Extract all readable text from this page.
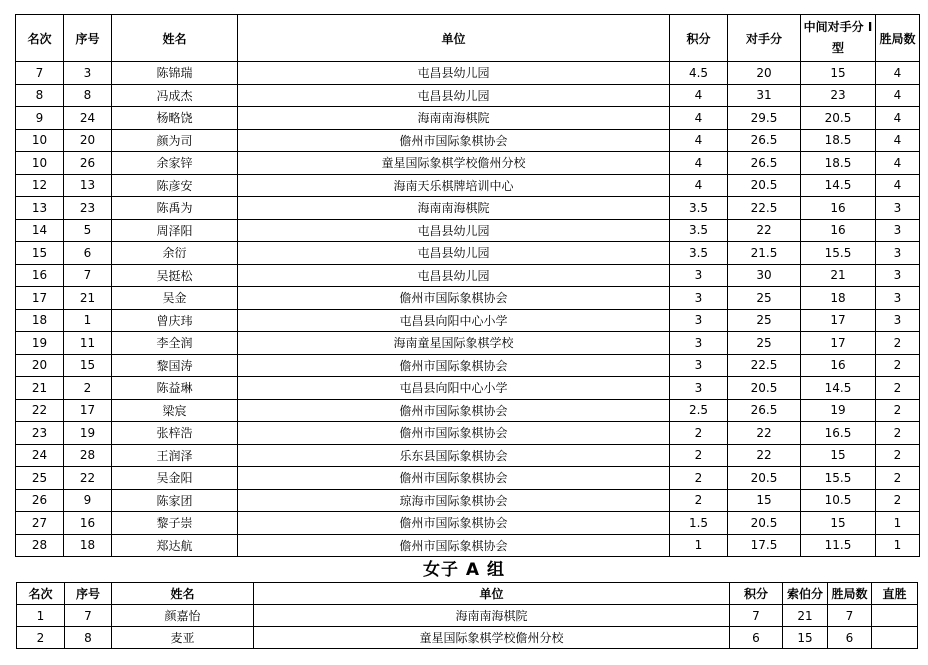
名次	序号	姓名	单位	积分	对手分	中间对手分 I 型	胜局数
7	3	陈锦瑞	屯昌县幼儿园	4.5	20	15	4
8	8	冯成杰	屯昌县幼儿园	4	31	23	4
9	24	杨略饶	海南南海棋院	4	29.5	20.5	4
10	20	颜为司	儋州市国际象棋协会	4	26.5	18.5	4
10	26	余家锌	童星国际象棋学校儋州分校	4	26.5	18.5	4
12	13	陈彦安	海南天乐棋牌培训中心	4	20.5	14.5	4
13	23	陈禹为	海南南海棋院	3.5	22.5	16	3
14	5	周泽阳	屯昌县幼儿园	3.5	22	16	3
15	6	余衍	屯昌县幼儿园	3.5	21.5	15.5	3
16	7	吴挺松	屯昌县幼儿园	3	30	21	3
17	21	吴金	儋州市国际象棋协会	3	25	18	3
18	1	曾庆玮	屯昌县向阳中心小学	3	25	17	3
19	11	李全润	海南童星国际象棋学校	3	25	17	2
20	15	黎国涛	儋州市国际象棋协会	3	22.5	16	2
21	2	陈益琳	屯昌县向阳中心小学	3	20.5	14.5	2
22	17	梁宸	儋州市国际象棋协会	2.5	26.5	19	2
23	19	张梓浩	儋州市国际象棋协会	2	22	16.5	2
24	28	王润泽	乐东县国际象棋协会	2	22	15	2
25	22	吴金阳	儋州市国际象棋协会	2	20.5	15.5	2
26	9	陈家团	琼海市国际象棋协会	2	15	10.5	2
27	16	黎子崇	儋州市国际象棋协会	1.5	20.5	15	1
28	18	郑达航	儋州市国际象棋协会	1	17.5	11.5	1
女子 A 组
名次	序号	姓名	单位	积分	索伯分	胜局数	直胜
1	7	颜嘉怡	海南南海棋院	7	21	7	
2	8	麦亚	童星国际象棋学校儋州分校	6	15	6	
